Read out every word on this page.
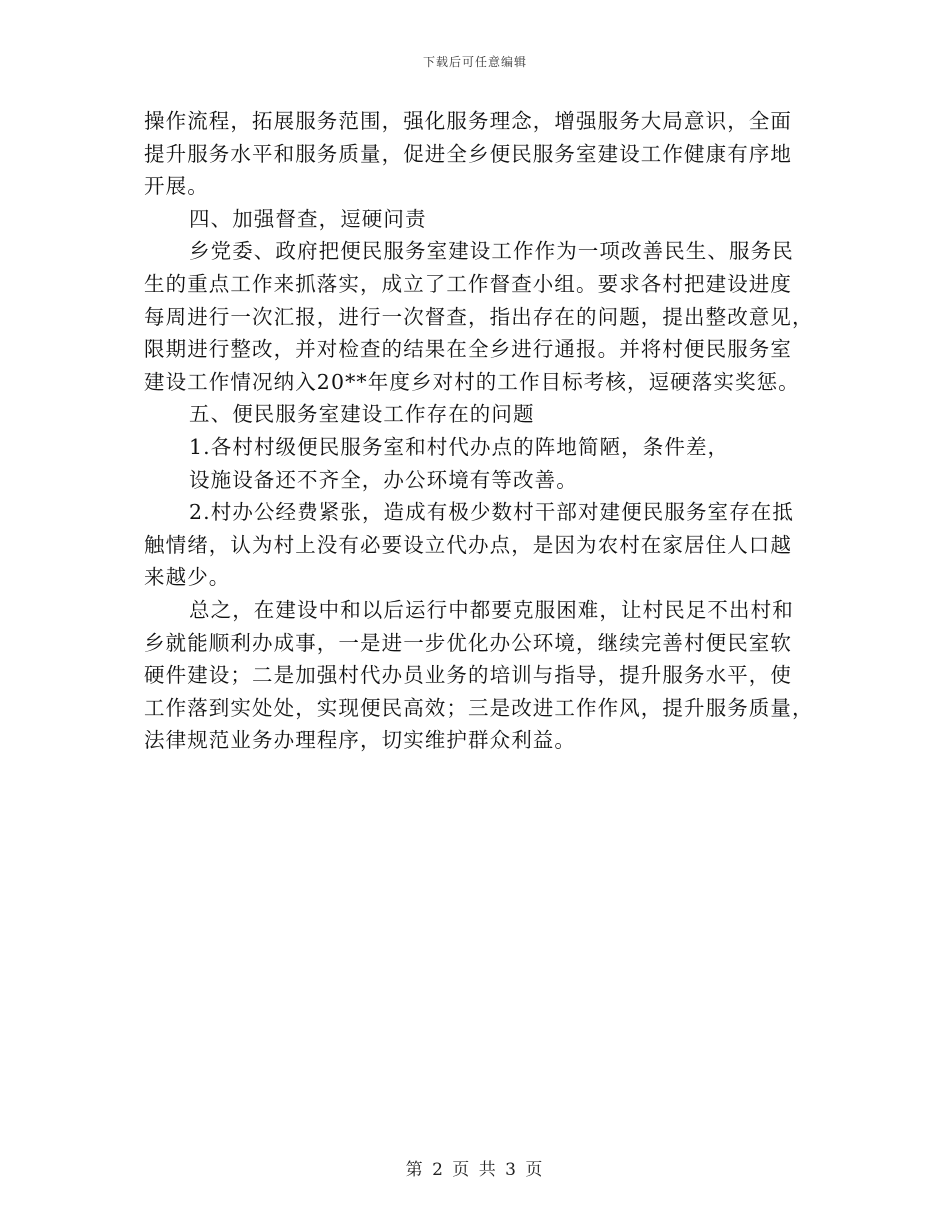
下载后可任意编辑
操作流程，拓展服务范围，强化服务理念，增强服务大局意识，全面
提升服务水平和服务质量，促进全乡便民服务室建设工作健康有序地
开展。
四、加强督查，逗硬问责
乡党委、政府把便民服务室建设工作作为一项改善民生、服务民
生的重点工作来抓落实，成立了工作督查小组。要求各村把建设进度
每周进行一次汇报，进行一次督查，指出存在的问题，提出整改意见，
限期进行整改，并对检查的结果在全乡进行通报。并将村便民服务室
建设工作情况纳入20**年度乡对村的工作目标考核，逗硬落实奖惩。
五、便民服务室建设工作存在的问题
1.各村村级便民服务室和村代办点的阵地简陋，条件差，
设施设备还不齐全，办公环境有等改善。
2.村办公经费紧张，造成有极少数村干部对建便民服务室存在抵
触情绪，认为村上没有必要设立代办点，是因为农村在家居住人口越
来越少。
总之，在建设中和以后运行中都要克服困难，让村民足不出村和
乡就能顺利办成事，一是进一步优化办公环境，继续完善村便民室软
硬件建设；二是加强村代办员业务的培训与指导，提升服务水平，使
工作落到实处处，实现便民高效；三是改进工作作风，提升服务质量，
法律规范业务办理程序，切实维护群众利益。
第 2 页 共 3 页
